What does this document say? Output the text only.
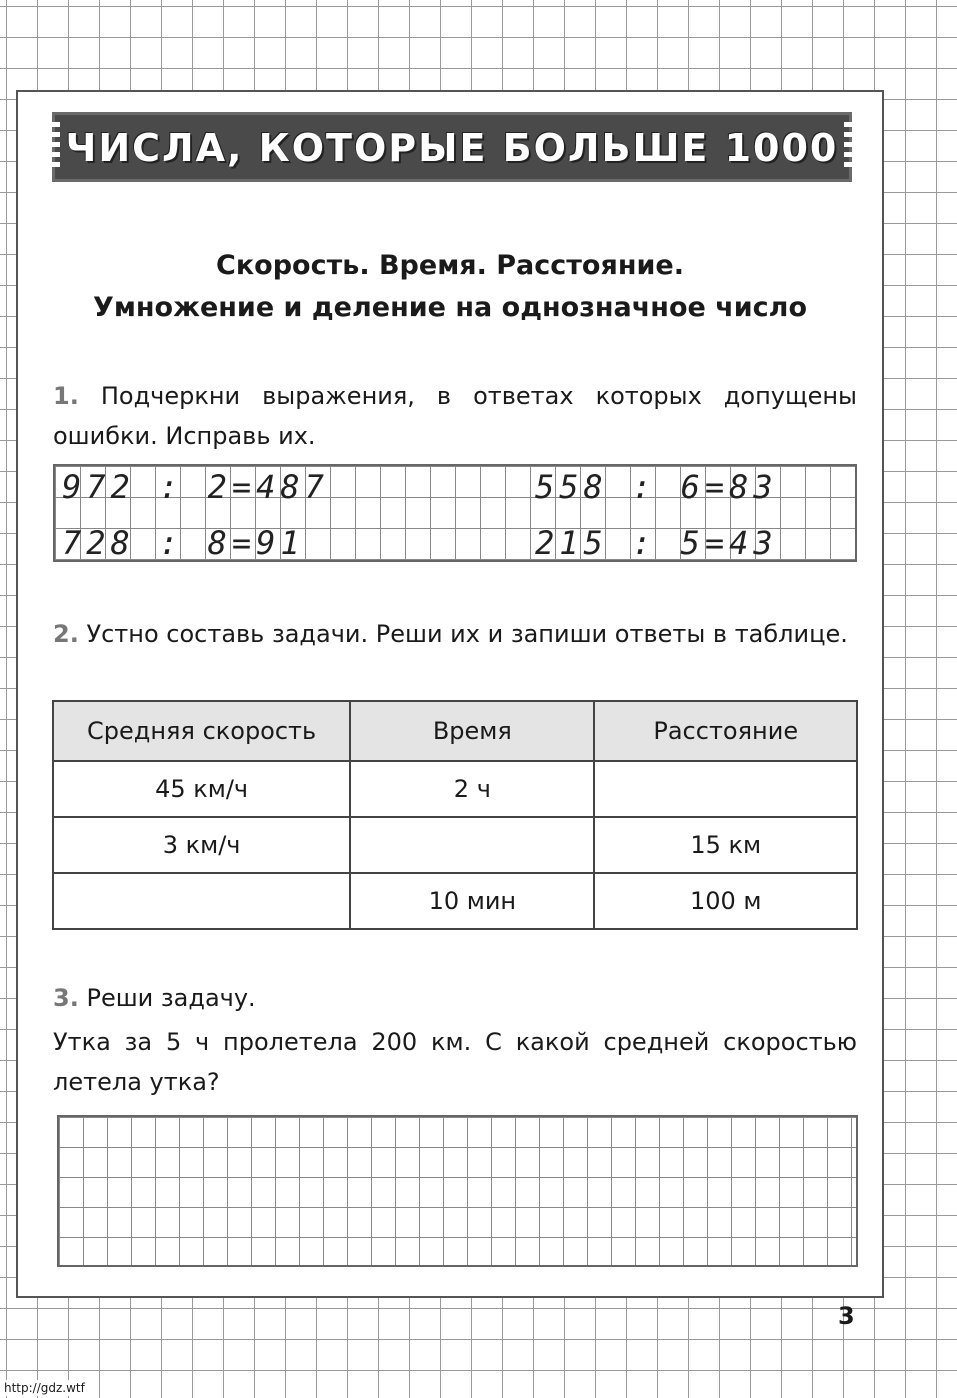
ЧИСЛА, КОТОРЫЕ БОЛЬШЕ 1000
Скорость. Время. Расстояние.
Умножение и деление на однозначное число
1. Подчеркни выражения, в ответах которых допущены ошибки. Исправь их.
972 : 2=487	558 : 6=83
728 : 8=91	215 : 5=43
2. Устно составь задачи. Реши их и запиши ответы в таблице.
Средняя скорость	Время	Расстояние
45 км/ч	2 ч	
3 км/ч		15 км
	10 мин	100 м
3. Реши задачу.
Утка за 5 ч пролетела 200 км. С какой средней скоростью летела утка?
3
http://gdz.wtf
